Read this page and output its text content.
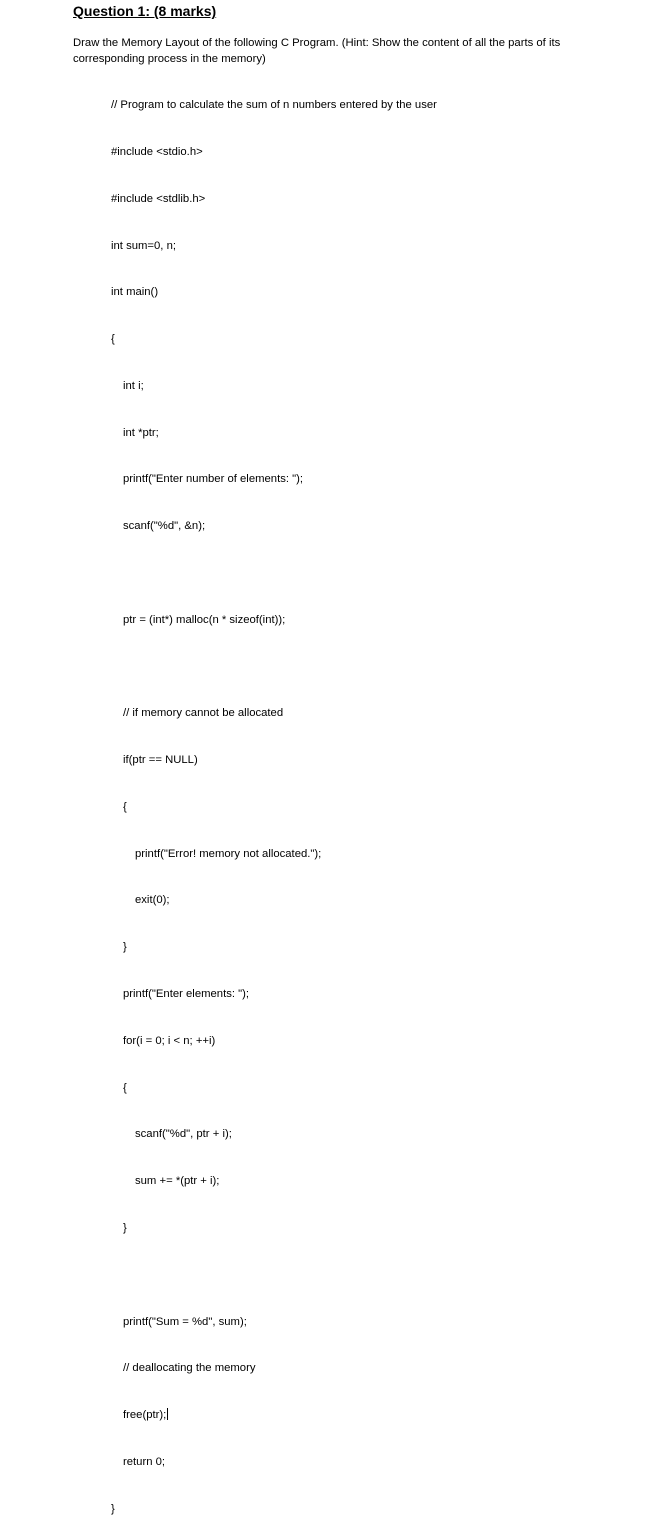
Question 1: (8 marks)
Draw the Memory Layout of the following C Program. (Hint: Show the content of all the parts of its corresponding process in the memory)

// Program to calculate the sum of n numbers entered by the user

#include <stdio.h>

#include <stdlib.h>

int sum=0, n;

int main()

{

int i;

int *ptr;

printf("Enter number of elements: ");

scanf("%d", &n);

ptr = (int*) malloc(n * sizeof(int));

// if memory cannot be allocated

if(ptr == NULL)

{

printf("Error! memory not allocated.");

exit(0);

}

printf("Enter elements: ");

for(i = 0; i < n; ++i)

{

scanf("%d", ptr + i);

sum += *(ptr + i);

}

printf("Sum = %d", sum);

// deallocating the memory

free(ptr);

return 0;

}
